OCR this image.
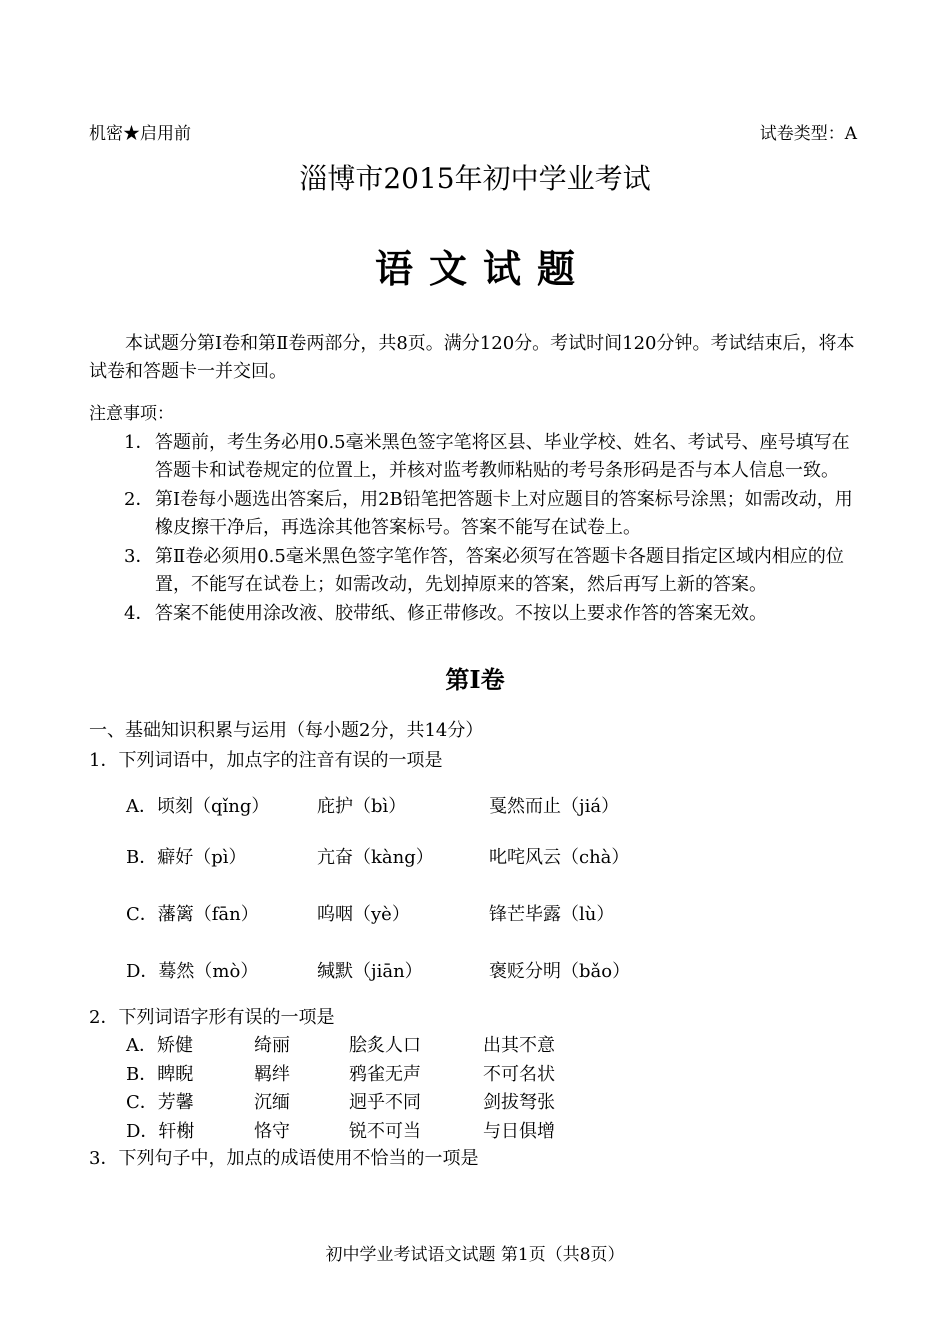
机密★启用前	试卷类型：A
淄博市2015年初中学业考试
语文试题
本试题分第Ⅰ卷和第Ⅱ卷两部分，共8页。满分120分。考试时间120分钟。考试结束后，将本试卷和答题卡一并交回。
注意事项：
1． 答题前，考生务必用0.5毫米黑色签字笔将区县、毕业学校、姓名、考试号、座号填写在答题卡和试卷规定的位置上，并核对监考教师粘贴的考号条形码是否与本人信息一致。
2． 第Ⅰ卷每小题选出答案后，用2B铅笔把答题卡上对应题目的答案标号涂黑；如需改动，用橡皮擦干净后，再选涂其他答案标号。答案不能写在试卷上。
3． 第Ⅱ卷必须用0.5毫米黑色签字笔作答，答案必须写在答题卡各题目指定区域内相应的位置，不能写在试卷上；如需改动，先划掉原来的答案，然后再写上新的答案。
4． 答案不能使用涂改液、胶带纸、修正带修改。不按以上要求作答的答案无效。
第Ⅰ卷
一、基础知识积累与运用（每小题2分，共14分）
1．下列词语中，加点字的注音有误的一项是
A．顷刻（qǐng）	庇护（bì）	戛然而止（jiá）
B．癖好（pì）	亢奋（kàng）	叱咤风云（chà）
C．藩篱（fān）	呜咽（yè）	锋芒毕露（lù）
D．蓦然（mò）	缄默（jiān）	褒贬分明（bǎo）
2．下列词语字形有误的一项是
A．矫健	绮丽	脍炙人口	出其不意
B．睥睨	羁绊	鸦雀无声	不可名状
C．芳馨	沉缅	迥乎不同	剑拔弩张
D．轩榭	恪守	锐不可当	与日俱增
3．下列句子中，加点的成语使用不恰当的一项是
初中学业考试语文试题 第1页（共8页）
